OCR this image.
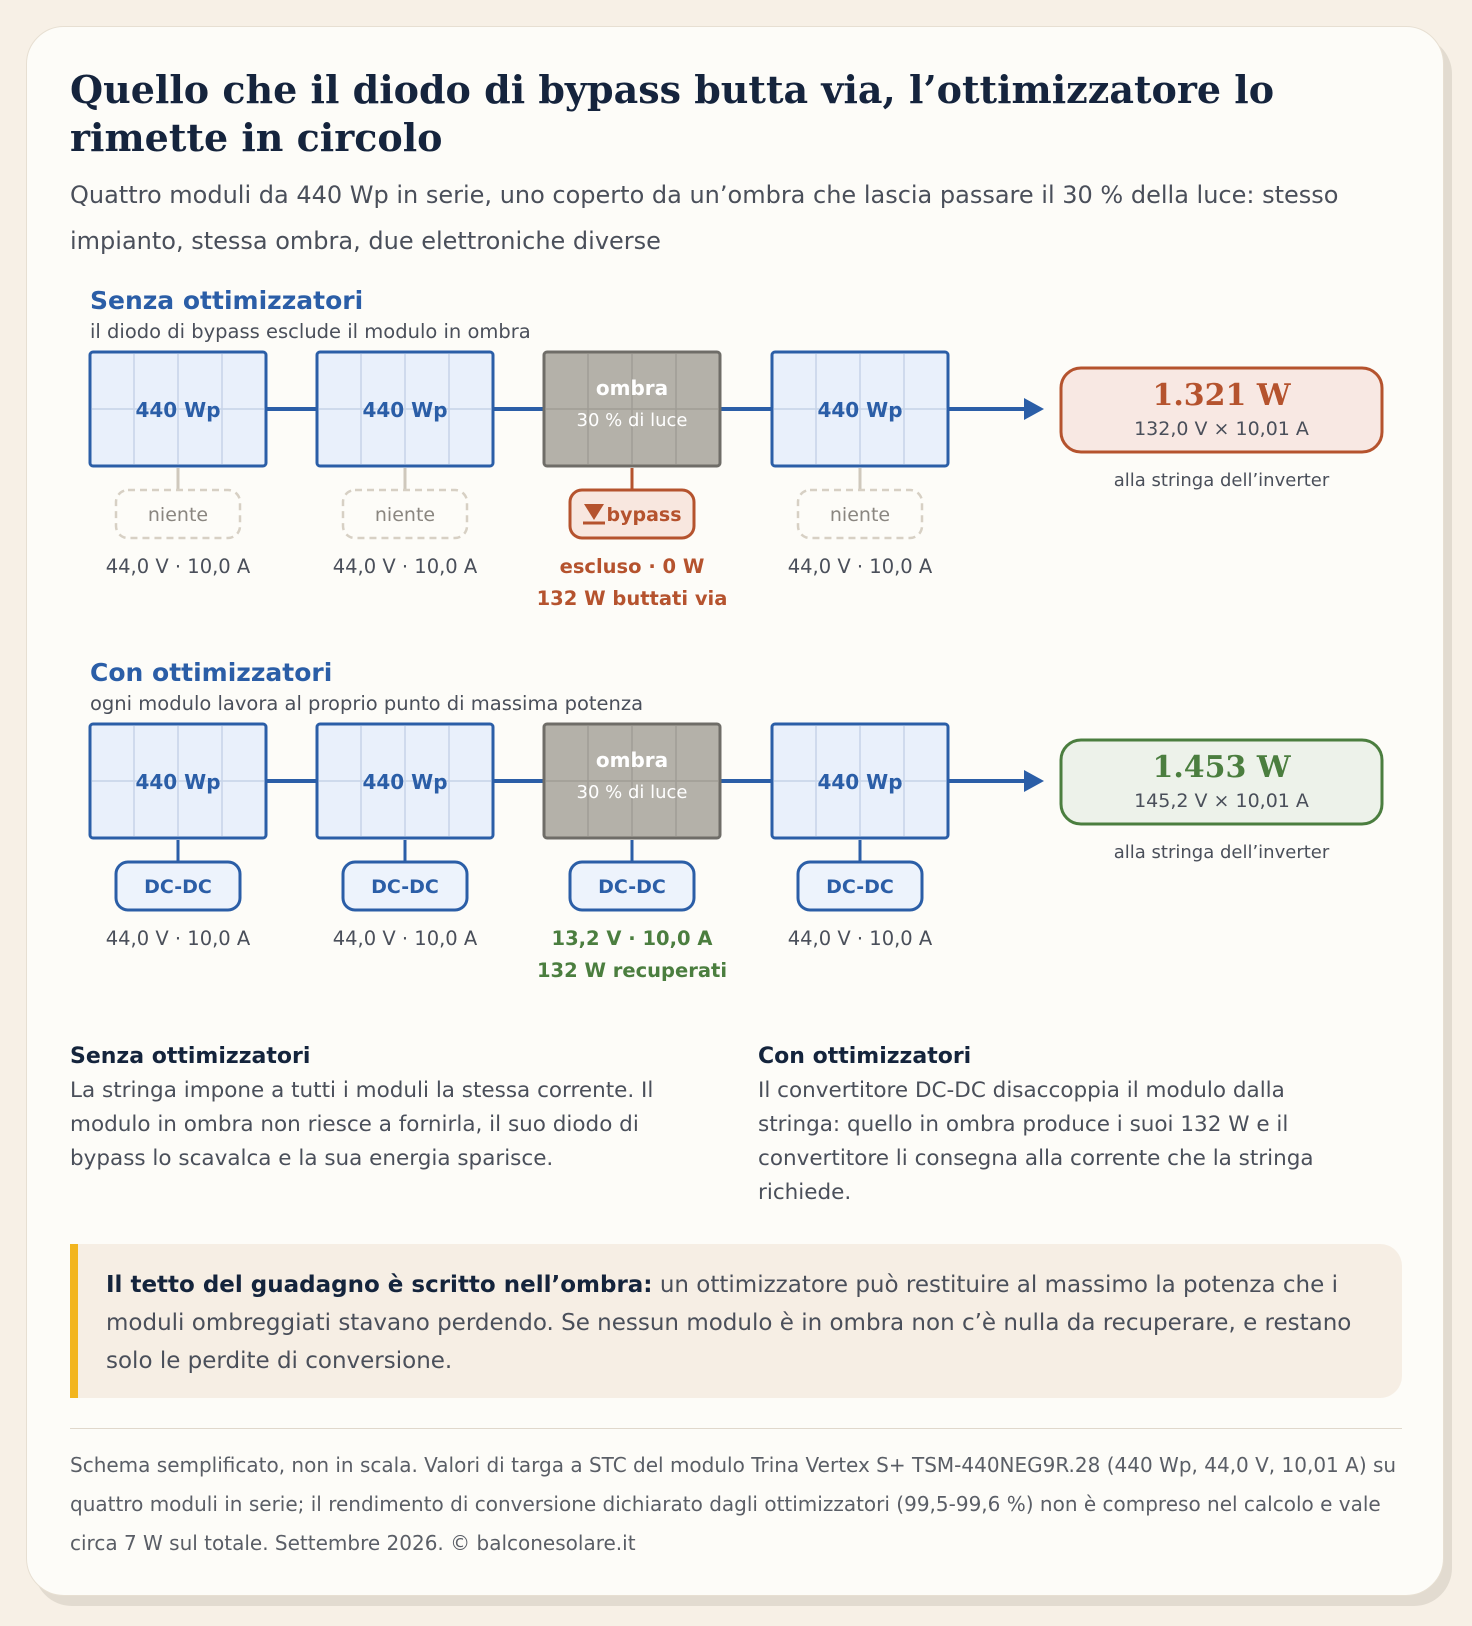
Quello che il diodo di bypass butta via, l’ottimizzatore lo rimette in circolo

Quattro moduli da 440 Wp in serie, uno coperto da un’ombra che lascia passare il 30 % della luce: stesso impianto, stessa ombra, due elettroniche diverse

Senza ottimizzatori
il diodo di bypass esclude il modulo in ombra
440 Wp
niente
44,0 V · 10,0 A
440 Wp
niente
44,0 V · 10,0 A
ombra
30 % di luce
bypass
escluso · 0 W
132 W buttati via
440 Wp
niente
44,0 V · 10,0 A
1.321 W
132,0 V × 10,01 A
alla stringa dell’inverter
Con ottimizzatori
ogni modulo lavora al proprio punto di massima potenza
440 Wp
DC-DC
44,0 V · 10,0 A
440 Wp
DC-DC
44,0 V · 10,0 A
ombra
30 % di luce
DC-DC
13,2 V · 10,0 A
132 W recuperati
440 Wp
DC-DC
44,0 V · 10,0 A
1.453 W
145,2 V × 10,01 A
alla stringa dell’inverter
Senza ottimizzatori

La stringa impone a tutti i moduli la stessa corrente. Il modulo in ombra non riesce a fornirla, il suo diodo di bypass lo scavalca e la sua energia sparisce.

Con ottimizzatori

Il convertitore DC-DC disaccoppia il modulo dalla stringa: quello in ombra produce i suoi 132 W e il convertitore li consegna alla corrente che la stringa richiede.

Il tetto del guadagno è scritto nell’ombra: un ottimizzatore può restituire al massimo la potenza che i moduli ombreggiati stavano perdendo. Se nessun modulo è in ombra non c’è nulla da recuperare, e restano solo le perdite di conversione.

Schema semplificato, non in scala. Valori di targa a STC del modulo Trina Vertex S+ TSM-440NEG9R.28 (440 Wp, 44,0 V, 10,01 A) su quattro moduli in serie; il rendimento di conversione dichiarato dagli ottimizzatori (99,5-99,6 %) non è compreso nel calcolo e vale circa 7 W sul totale. Settembre 2026. © balconesolare.it
